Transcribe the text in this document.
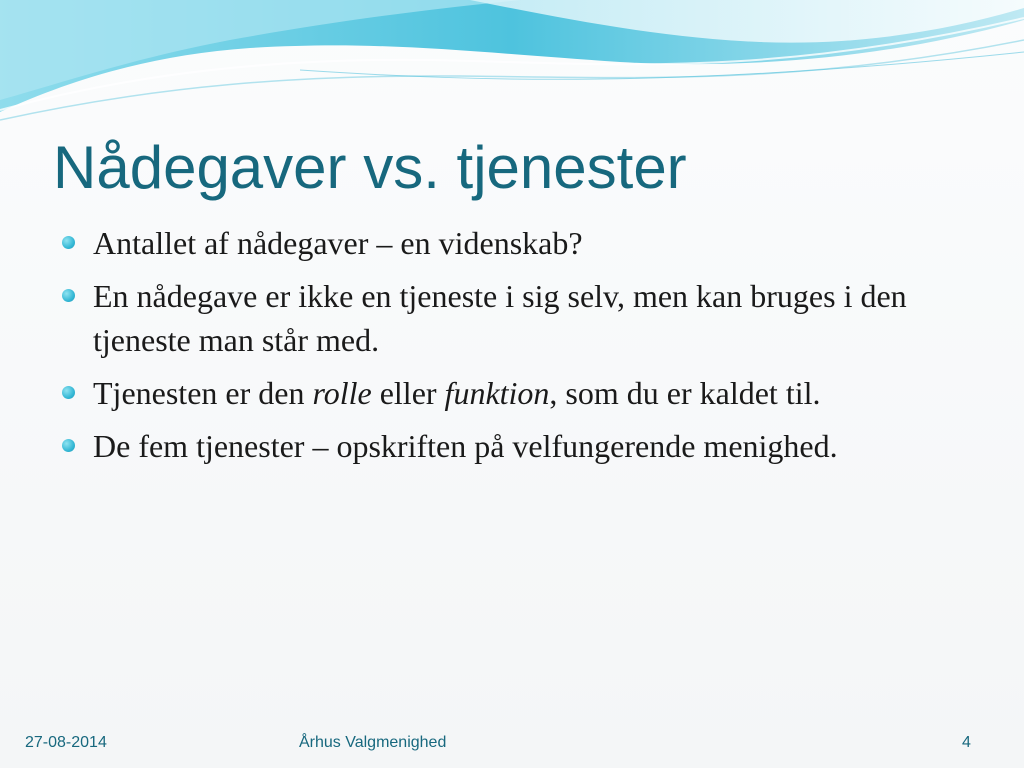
Nådegaver vs. tjenester
Antallet af nådegaver – en videnskab?
En nådegave er ikke en tjeneste i sig selv, men kan bruges i den tjeneste man står med.
Tjenesten er den rolle eller funktion, som du er kaldet til.
De fem tjenester – opskriften på velfungerende menighed.
27-08-2014	Århus Valgmenighed	4
